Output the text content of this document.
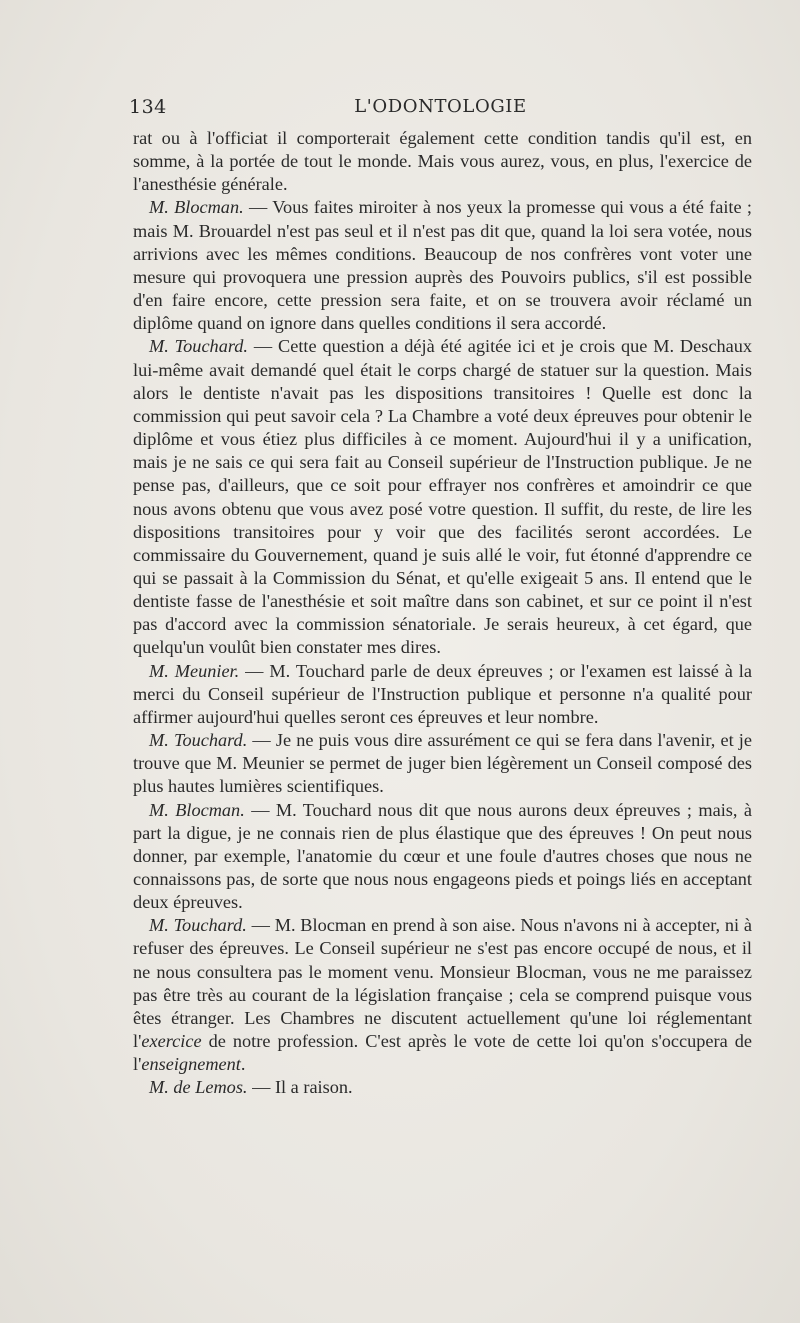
134	L'ODONTOLOGIE

rat ou à l'officiat il comporterait également cette condition tandis qu'il est, en somme, à la portée de tout le monde. Mais vous aurez, vous, en plus, l'exercice de l'anesthésie générale.

M. Blocman. — Vous faites miroiter à nos yeux la promesse qui vous a été faite ; mais M. Brouardel n'est pas seul et il n'est pas dit que, quand la loi sera votée, nous arrivions avec les mêmes conditions. Beaucoup de nos confrères vont voter une mesure qui provoquera une pression auprès des Pouvoirs publics, s'il est possible d'en faire encore, cette pression sera faite, et on se trouvera avoir réclamé un diplôme quand on ignore dans quelles conditions il sera accordé.

M. Touchard. — Cette question a déjà été agitée ici et je crois que M. Deschaux lui-même avait demandé quel était le corps chargé de statuer sur la question. Mais alors le dentiste n'avait pas les dispositions transitoires ! Quelle est donc la commission qui peut savoir cela ? La Chambre a voté deux épreuves pour obtenir le diplôme et vous étiez plus difficiles à ce moment. Aujourd'hui il y a unification, mais je ne sais ce qui sera fait au Conseil supérieur de l'Instruction publique. Je ne pense pas, d'ailleurs, que ce soit pour effrayer nos confrères et amoindrir ce que nous avons obtenu que vous avez posé votre question. Il suffit, du reste, de lire les dispositions transitoires pour y voir que des facilités seront accordées. Le commissaire du Gouvernement, quand je suis allé le voir, fut étonné d'apprendre ce qui se passait à la Commission du Sénat, et qu'elle exigeait 5 ans. Il entend que le dentiste fasse de l'anesthésie et soit maître dans son cabinet, et sur ce point il n'est pas d'accord avec la commission sénatoriale. Je serais heureux, à cet égard, que quelqu'un voulût bien constater mes dires.

M. Meunier. — M. Touchard parle de deux épreuves ; or l'examen est laissé à la merci du Conseil supérieur de l'Instruction publique et personne n'a qualité pour affirmer aujourd'hui quelles seront ces épreuves et leur nombre.

M. Touchard. — Je ne puis vous dire assurément ce qui se fera dans l'avenir, et je trouve que M. Meunier se permet de juger bien légèrement un Conseil composé des plus hautes lumières scientifiques.

M. Blocman. — M. Touchard nous dit que nous aurons deux épreuves ; mais, à part la digue, je ne connais rien de plus élastique que des épreuves ! On peut nous donner, par exemple, l'anatomie du cœur et une foule d'autres choses que nous ne connaissons pas, de sorte que nous nous engageons pieds et poings liés en acceptant deux épreuves.

M. Touchard. — M. Blocman en prend à son aise. Nous n'avons ni à accepter, ni à refuser des épreuves. Le Conseil supérieur ne s'est pas encore occupé de nous, et il ne nous consultera pas le moment venu. Monsieur Blocman, vous ne me paraissez pas être très au courant de la législation française ; cela se comprend puisque vous êtes étranger. Les Chambres ne discutent actuellement qu'une loi réglementant l'exercice de notre profession. C'est après le vote de cette loi qu'on s'occupera de l'enseignement.

M. de Lemos. — Il a raison.
